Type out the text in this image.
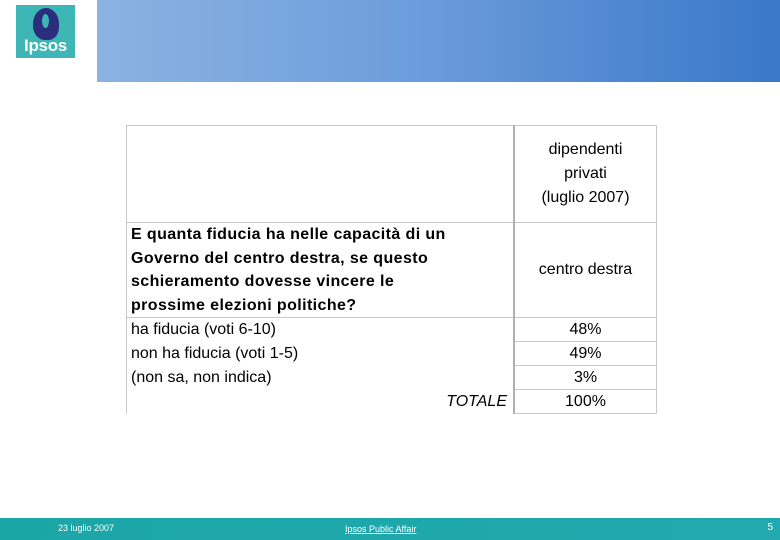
Ipsos

	dipendenti
privati
(luglio 2007)

E quanta fiducia ha nelle capacità di un
Governo del centro destra, se questo
schieramento dovesse vincere le
prossime elezioni politiche?	centro destra
ha fiducia (voti 6-10)	48%
non ha fiducia (voti 1-5)	49%
(non sa, non indica)	3%
TOTALE	100%
23 luglio 2007	Ipsos Public Affair	5
